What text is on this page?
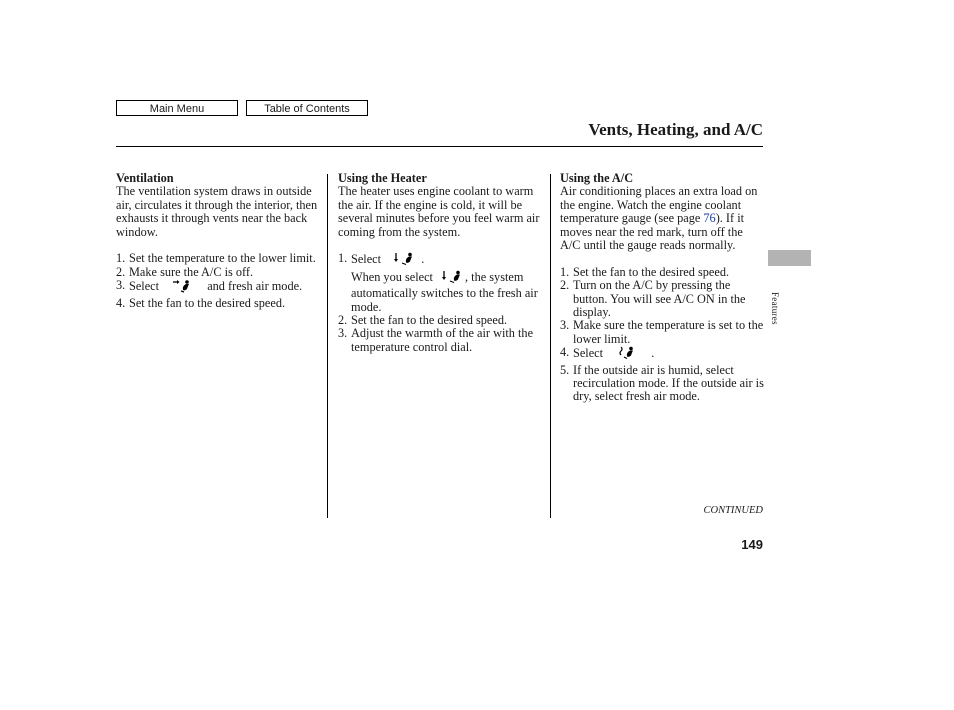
Main Menu	Table of Contents
Vents, Heating, and A/C
Ventilation

The ventilation system draws in outside air, circulates it through the interior, then exhausts it through vents near the back window.

1. Set the temperature to the lower limit.
2. Make sure the A/C is off.
3. Select	and fresh air mode.
4. Set the fan to the desired speed.
Using the Heater

The heater uses engine coolant to warm the air. If the engine is cold, it will be several minutes before you feel warm air coming from the system.

1. Select	.
When you select	, the system automatically switches to the fresh air mode.
2. Set the fan to the desired speed.
3. Adjust the warmth of the air with the temperature control dial.
Using the A/C

Air conditioning places an extra load on the engine. Watch the engine coolant temperature gauge (see page 76). If it moves near the red mark, turn off the A/C until the gauge reads normally.

1. Set the fan to the desired speed.
2. Turn on the A/C by pressing the button. You will see A/C ON in the display.
3. Make sure the temperature is set to the lower limit.
4. Select	.
5. If the outside air is humid, select recirculation mode. If the outside air is dry, select fresh air mode.
Features
CONTINUED
149
